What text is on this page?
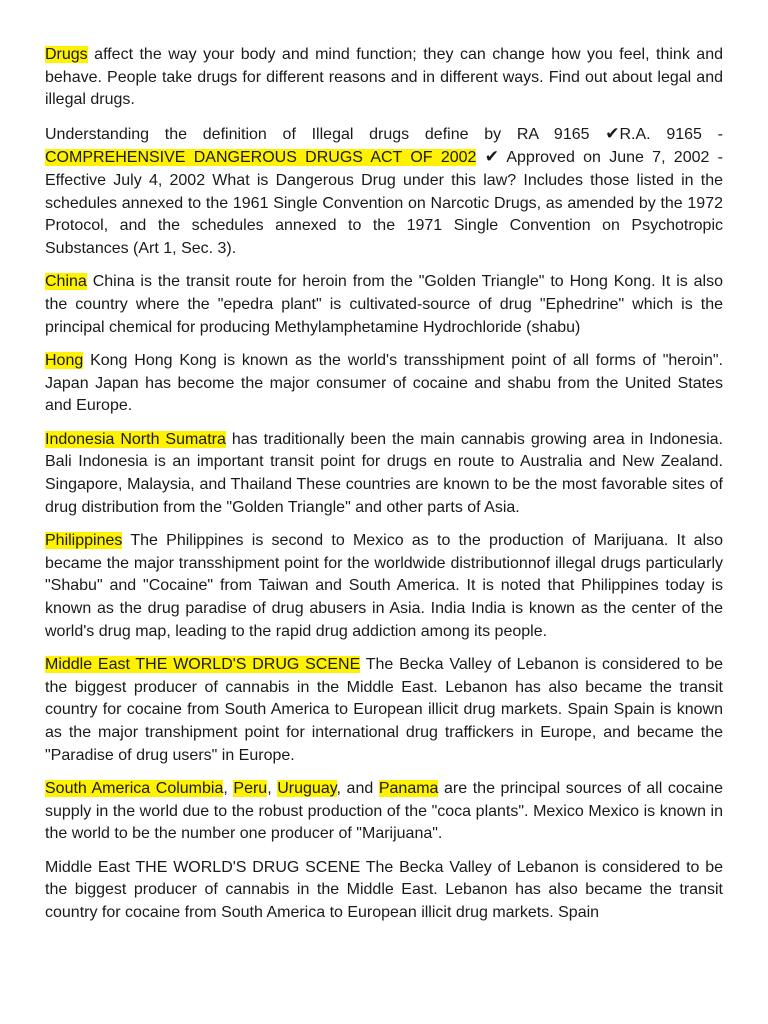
Drugs affect the way your body and mind function; they can change how you feel, think and behave. People take drugs for different reasons and in different ways. Find out about legal and illegal drugs.

Understanding the definition of Illegal drugs define by RA 9165 ✔R.A. 9165 - COMPREHENSIVE DANGEROUS DRUGS ACT OF 2002 ✔ Approved on June 7, 2002 - Effective July 4, 2002 What is Dangerous Drug under this law? Includes those listed in the schedules annexed to the 1961 Single Convention on Narcotic Drugs, as amended by the 1972 Protocol, and the schedules annexed to the 1971 Single Convention on Psychotropic Substances (Art 1, Sec. 3).

China China is the transit route for heroin from the "Golden Triangle" to Hong Kong. It is also the country where the "epedra plant" is cultivated-source of drug "Ephedrine" which is the principal chemical for producing Methylamphetamine Hydrochloride (shabu)

Hong Kong Hong Kong is known as the world's transshipment point of all forms of "heroin". Japan Japan has become the major consumer of cocaine and shabu from the United States and Europe.

Indonesia North Sumatra has traditionally been the main cannabis growing area in Indonesia. Bali Indonesia is an important transit point for drugs en route to Australia and New Zealand. Singapore, Malaysia, and Thailand These countries are known to be the most favorable sites of drug distribution from the "Golden Triangle" and other parts of Asia.

Philippines The Philippines is second to Mexico as to the production of Marijuana. It also became the major transshipment point for the worldwide distributionnof illegal drugs particularly "Shabu" and "Cocaine" from Taiwan and South America. It is noted that Philippines today is known as the drug paradise of drug abusers in Asia. India India is known as the center of the world's drug map, leading to the rapid drug addiction among its people.

Middle East THE WORLD'S DRUG SCENE The Becka Valley of Lebanon is considered to be the biggest producer of cannabis in the Middle East. Lebanon has also became the transit country for cocaine from South America to European illicit drug markets. Spain Spain is known as the major transhipment point for international drug traffickers in Europe, and became the "Paradise of drug users" in Europe.

South America Columbia, Peru, Uruguay, and Panama are the principal sources of all cocaine supply in the world due to the robust production of the "coca plants". Mexico Mexico is known in the world to be the number one producer of "Marijuana".

Middle East THE WORLD'S DRUG SCENE The Becka Valley of Lebanon is considered to be the biggest producer of cannabis in the Middle East. Lebanon has also became the transit country for cocaine from South America to European illicit drug markets. Spain
